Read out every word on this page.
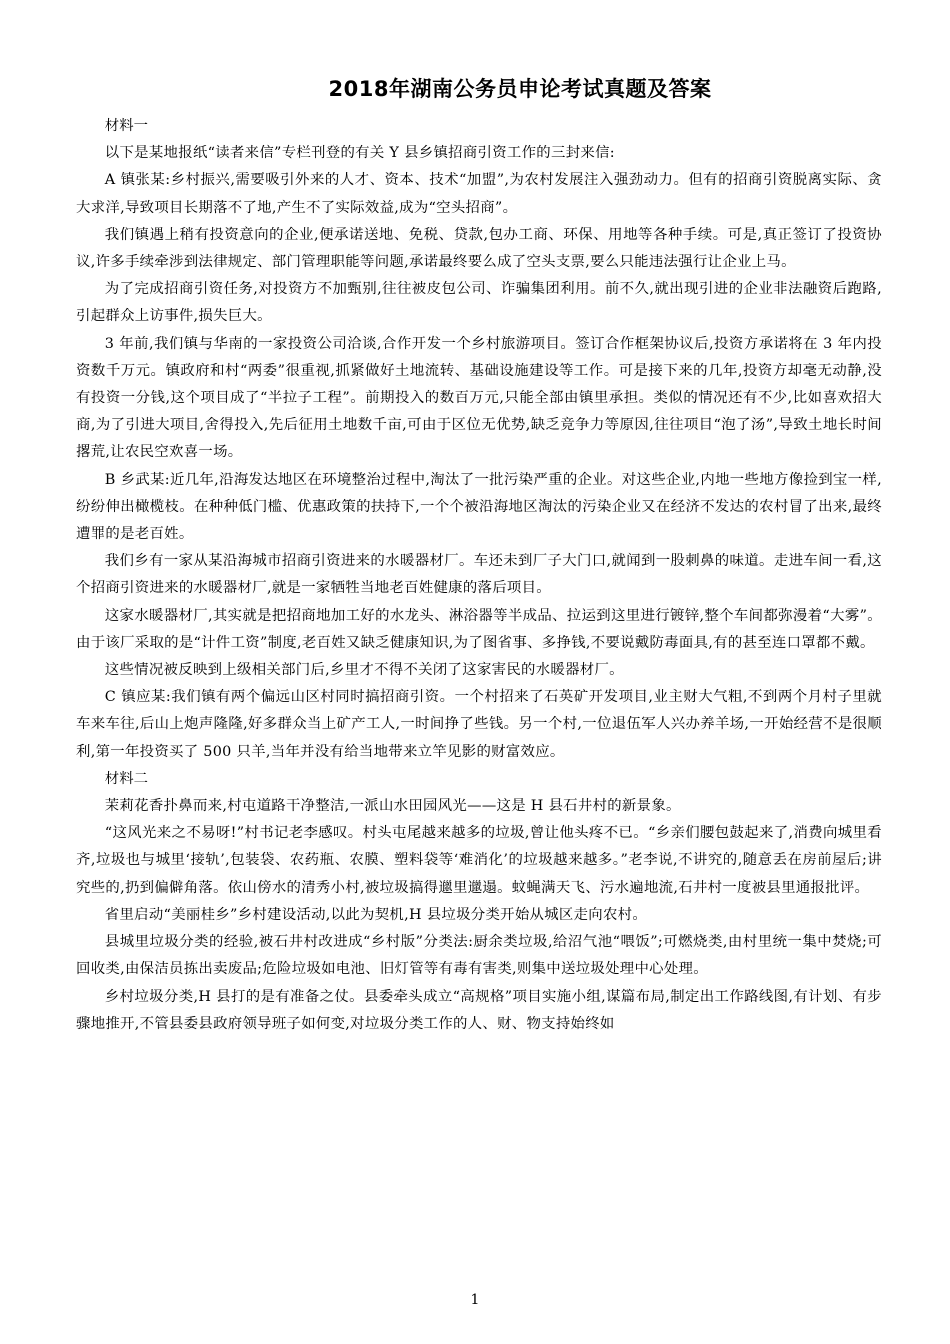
2018年湖南公务员申论考试真题及答案

材料一

以下是某地报纸“读者来信”专栏刊登的有关 Y 县乡镇招商引资工作的三封来信:

A 镇张某:乡村振兴,需要吸引外来的人才、资本、技术“加盟”,为农村发展注入强劲动力。但有的招商引资脱离实际、贪大求洋,导致项目长期落不了地,产生不了实际效益,成为“空头招商”。

我们镇遇上稍有投资意向的企业,便承诺送地、免税、贷款,包办工商、环保、用地等各种手续。可是,真正签订了投资协议,许多手续牵涉到法律规定、部门管理职能等问题,承诺最终要么成了空头支票,要么只能违法强行让企业上马。

为了完成招商引资任务,对投资方不加甄别,往往被皮包公司、诈骗集团利用。前不久,就出现引进的企业非法融资后跑路,引起群众上访事件,损失巨大。

3 年前,我们镇与华南的一家投资公司洽谈,合作开发一个乡村旅游项目。签订合作框架协议后,投资方承诺将在 3 年内投资数千万元。镇政府和村“两委”很重视,抓紧做好土地流转、基础设施建设等工作。可是接下来的几年,投资方却毫无动静,没有投资一分钱,这个项目成了“半拉子工程”。前期投入的数百万元,只能全部由镇里承担。类似的情况还有不少,比如喜欢招大商,为了引进大项目,舍得投入,先后征用土地数千亩,可由于区位无优势,缺乏竞争力等原因,往往项目“泡了汤”,导致土地长时间撂荒,让农民空欢喜一场。

B 乡武某:近几年,沿海发达地区在环境整治过程中,淘汰了一批污染严重的企业。对这些企业,内地一些地方像捡到宝一样,纷纷伸出橄榄枝。在种种低门槛、优惠政策的扶持下,一个个被沿海地区淘汰的污染企业又在经济不发达的农村冒了出来,最终遭罪的是老百姓。

我们乡有一家从某沿海城市招商引资进来的水暖器材厂。车还未到厂子大门口,就闻到一股刺鼻的味道。走进车间一看,这个招商引资进来的水暖器材厂,就是一家牺牲当地老百姓健康的落后项目。

这家水暖器材厂,其实就是把招商地加工好的水龙头、淋浴器等半成品、拉运到这里进行镀锌,整个车间都弥漫着“大雾”。由于该厂采取的是“计件工资”制度,老百姓又缺乏健康知识,为了图省事、多挣钱,不要说戴防毒面具,有的甚至连口罩都不戴。

这些情况被反映到上级相关部门后,乡里才不得不关闭了这家害民的水暖器材厂。

C 镇应某:我们镇有两个偏远山区村同时搞招商引资。一个村招来了石英矿开发项目,业主财大气粗,不到两个月村子里就车来车往,后山上炮声隆隆,好多群众当上矿产工人,一时间挣了些钱。另一个村,一位退伍军人兴办养羊场,一开始经营不是很顺利,第一年投资买了 500 只羊,当年并没有给当地带来立竿见影的财富效应。

材料二

茉莉花香扑鼻而来,村屯道路干净整洁,一派山水田园风光——这是 H 县石井村的新景象。

“这风光来之不易呀!”村书记老李感叹。村头屯尾越来越多的垃圾,曾让他头疼不已。“乡亲们腰包鼓起来了,消费向城里看齐,垃圾也与城里‘接轨’,包装袋、农药瓶、农膜、塑料袋等‘难消化’的垃圾越来越多。”老李说,不讲究的,随意丢在房前屋后;讲究些的,扔到偏僻角落。依山傍水的清秀小村,被垃圾搞得邋里邋遢。蚊蝇满天飞、污水遍地流,石井村一度被县里通报批评。

省里启动“美丽桂乡”乡村建设活动,以此为契机,H 县垃圾分类开始从城区走向农村。

县城里垃圾分类的经验,被石井村改进成“乡村版”分类法:厨余类垃圾,给沼气池“喂饭”;可燃烧类,由村里统一集中焚烧;可回收类,由保洁员拣出卖废品;危险垃圾如电池、旧灯管等有毒有害类,则集中送垃圾处理中心处理。

乡村垃圾分类,H 县打的是有准备之仗。县委牵头成立“高规格”项目实施小组,谋篇布局,制定出工作路线图,有计划、有步骤地推开,不管县委县政府领导班子如何变,对垃圾分类工作的人、财、物支持始终如

1
